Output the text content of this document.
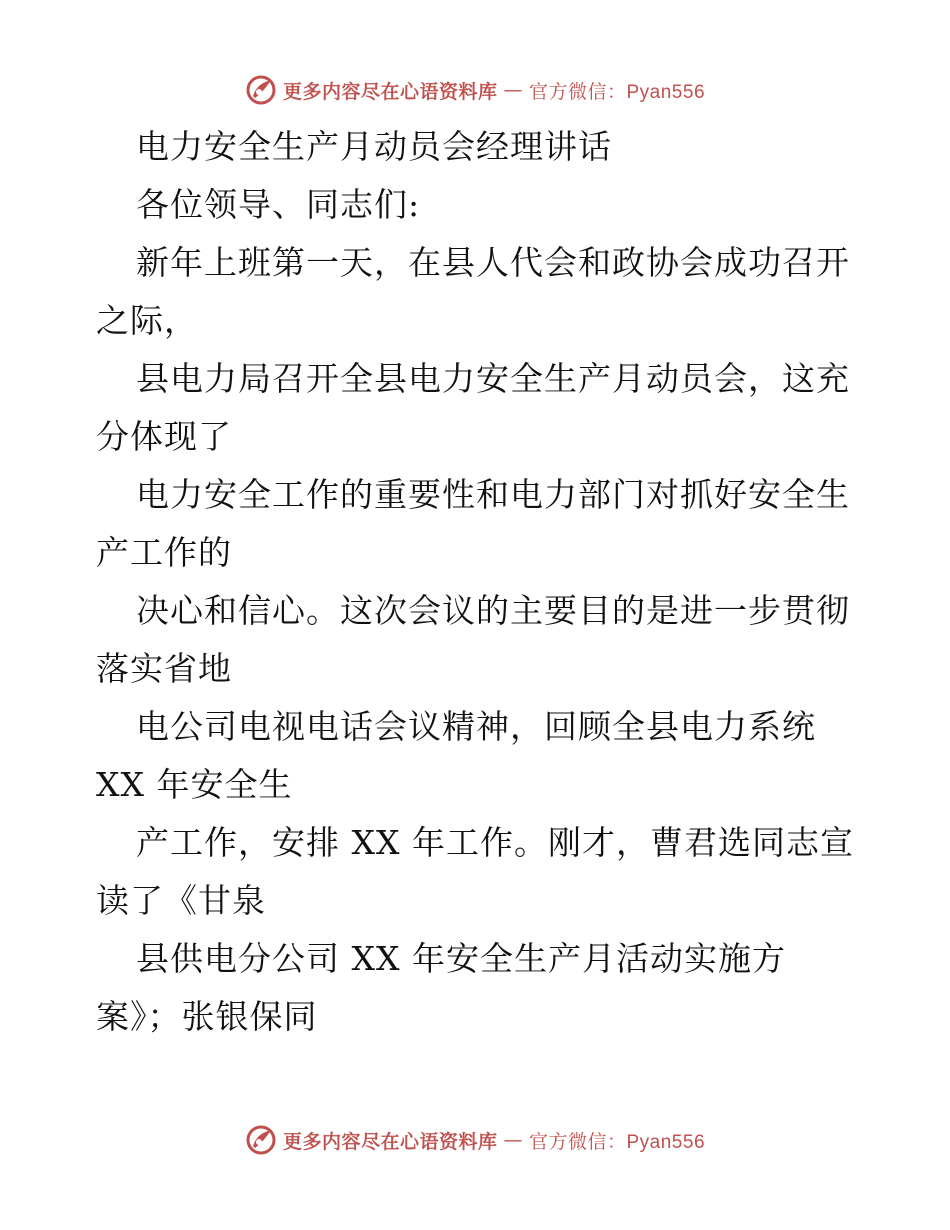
更多内容尽在心语资料库 — 官方微信：Pyan556
电力安全生产月动员会经理讲话
各位领导、同志们:
新年上班第一天，在县人代会和政协会成功召开
之际，
县电力局召开全县电力安全生产月动员会，这充
分体现了
电力安全工作的重要性和电力部门对抓好安全生
产工作的
决心和信心。这次会议的主要目的是进一步贯彻
落实省地
电公司电视电话会议精神，回顾全县电力系统
XX 年安全生
产工作，安排 XX 年工作。刚才，曹君选同志宣
读了《甘泉
县供电分公司 XX 年安全生产月活动实施方
案》；张银保同
更多内容尽在心语资料库 — 官方微信：Pyan556
